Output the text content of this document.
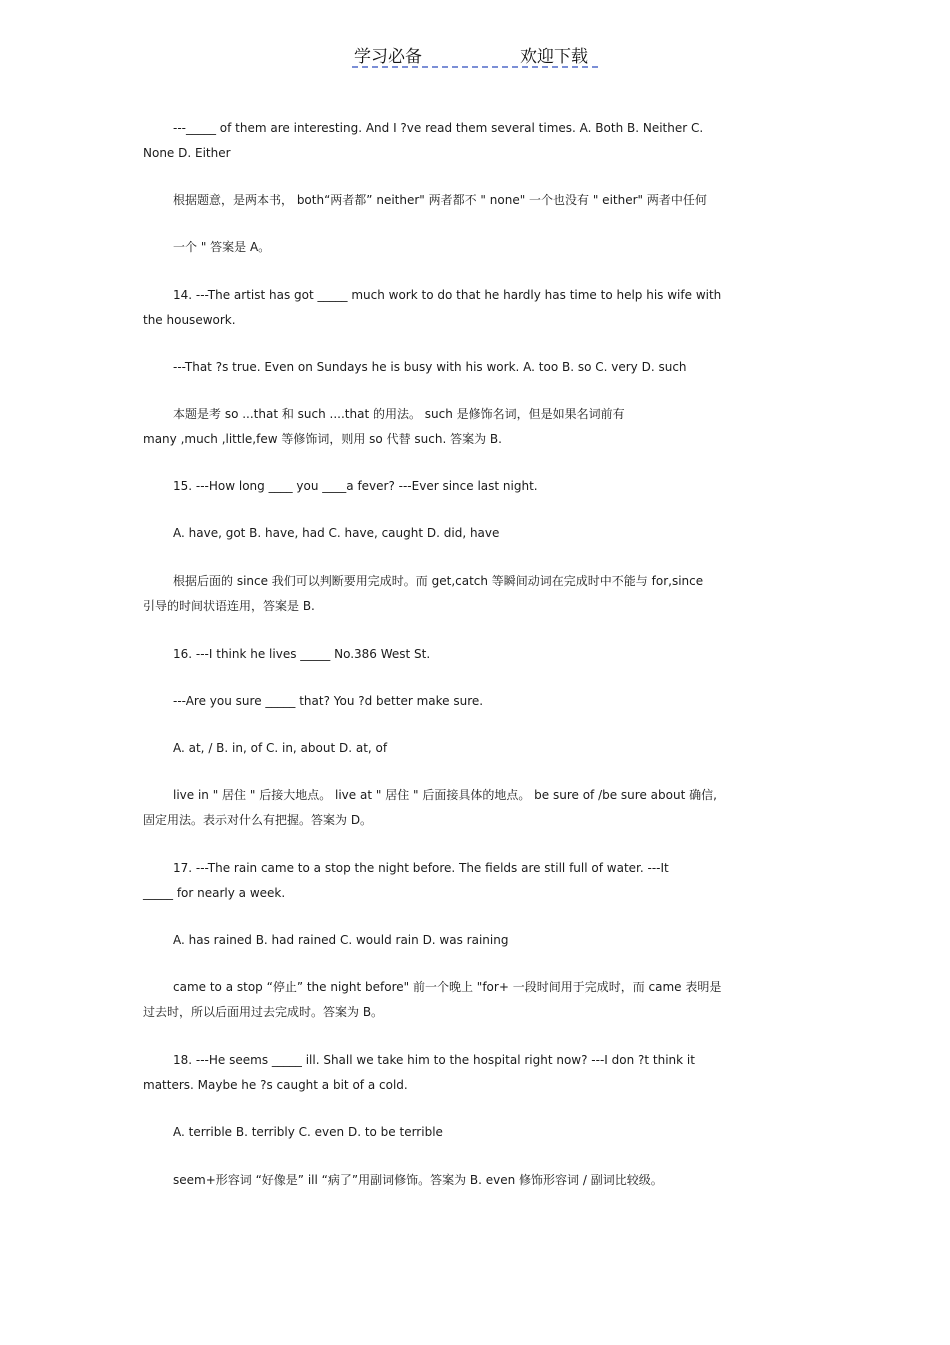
学习必备	欢迎下载
---_____ of them are interesting. And I ?ve read them several times. A. Both B. Neither C.
None D. Either
根据题意，是两本书， both“两者都” neither" 两者都不 " none" 一个也没有 " either" 两者中任何
一个 " 答案是 A。
14. ---The artist has got _____ much work to do that he hardly has time to help his wife with
the housework.
---That ?s true. Even on Sundays he is busy with his work. A. too B. so C. very D. such
本题是考 so ...that 和 such ....that 的用法。 such 是修饰名词，但是如果名词前有
many ,much ,little,few 等修饰词，则用 so 代替 such. 答案为 B.
15. ---How long ____ you ____a fever? ---Ever since last night.
A. have, got B. have, had C. have, caught D. did, have
根据后面的 since 我们可以判断要用完成时。而 get,catch 等瞬间动词在完成时中不能与 for,since
引导的时间状语连用，答案是 B.
16. ---I think he lives _____ No.386 West St.
---Are you sure _____ that? You ?d better make sure.
A. at, / B. in, of C. in, about D. at, of
live in " 居住 " 后接大地点。 live at " 居住 " 后面接具体的地点。 be sure of /be sure about 确信,
固定用法。表示对什么有把握。答案为 D。
17. ---The rain came to a stop the night before. The fields are still full of water. ---It
_____ for nearly a week.
A. has rained B. had rained C. would rain D. was raining
came to a stop “停止” the night before" 前一个晚上 "for+ 一段时间用于完成时，而 came 表明是
过去时，所以后面用过去完成时。答案为 B。
18. ---He seems _____ ill. Shall we take him to the hospital right now? ---I don ?t think it
matters. Maybe he ?s caught a bit of a cold.
A. terrible B. terribly C. even D. to be terrible
seem+形容词 “好像是” ill “病了”用副词修饰。答案为 B. even 修饰形容词 / 副词比较级。
